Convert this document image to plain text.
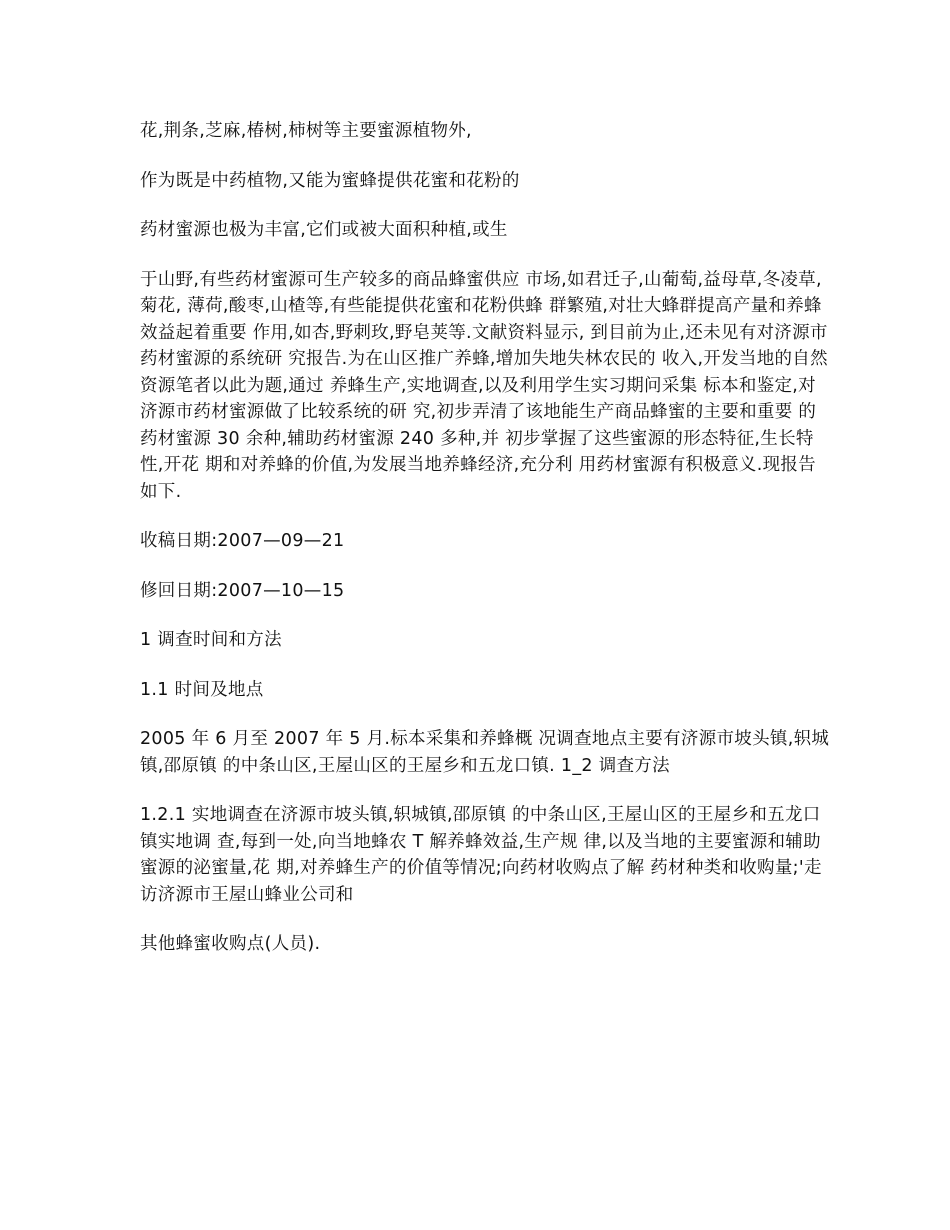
花,荆条,芝麻,椿树,柿树等主要蜜源植物外,

作为既是中药植物,又能为蜜蜂提供花蜜和花粉的

药材蜜源也极为丰富,它们或被大面积种植,或生

于山野,有些药材蜜源可生产较多的商品蜂蜜供应 市场,如君迁子,山葡萄,益母草,冬凌草,菊花, 薄荷,酸枣,山楂等,有些能提供花蜜和花粉供蜂 群繁殖,对壮大蜂群提高产量和养蜂效益起着重要 作用,如杏,野刺玫,野皂荚等.文献资料显示, 到目前为止,还未见有对济源市药材蜜源的系统研 究报告.为在山区推广养蜂,增加失地失林农民的 收入,开发当地的自然资源笔者以此为题,通过 养蜂生产,实地调查,以及利用学生实习期问采集 标本和鉴定,对济源市药材蜜源做了比较系统的研 究,初步弄清了该地能生产商品蜂蜜的主要和重要 的药材蜜源 30 余种,辅助药材蜜源 240 多种,并 初步掌握了这些蜜源的形态特征,生长特性,开花 期和对养蜂的价值,为发展当地养蜂经济,充分利 用药材蜜源有积极意义.现报告如下.

收稿日期:2007—09—21

修回日期:2007—10—15

1 调查时间和方法

1.1 时间及地点

2005 年 6 月至 2007 年 5 月.标本采集和养蜂概 况调查地点主要有济源市坡头镇,轵城镇,邵原镇 的中条山区,王屋山区的王屋乡和五龙口镇. 1_2 调查方法

1.2.1 实地调查在济源市坡头镇,轵城镇,邵原镇 的中条山区,王屋山区的王屋乡和五龙口镇实地调 查,每到一处,向当地蜂农 T 解养蜂效益,生产规 律,以及当地的主要蜜源和辅助蜜源的泌蜜量,花 期,对养蜂生产的价值等情况;向药材收购点了解 药材种类和收购量;'走访济源市王屋山蜂业公司和

其他蜂蜜收购点(人员).
